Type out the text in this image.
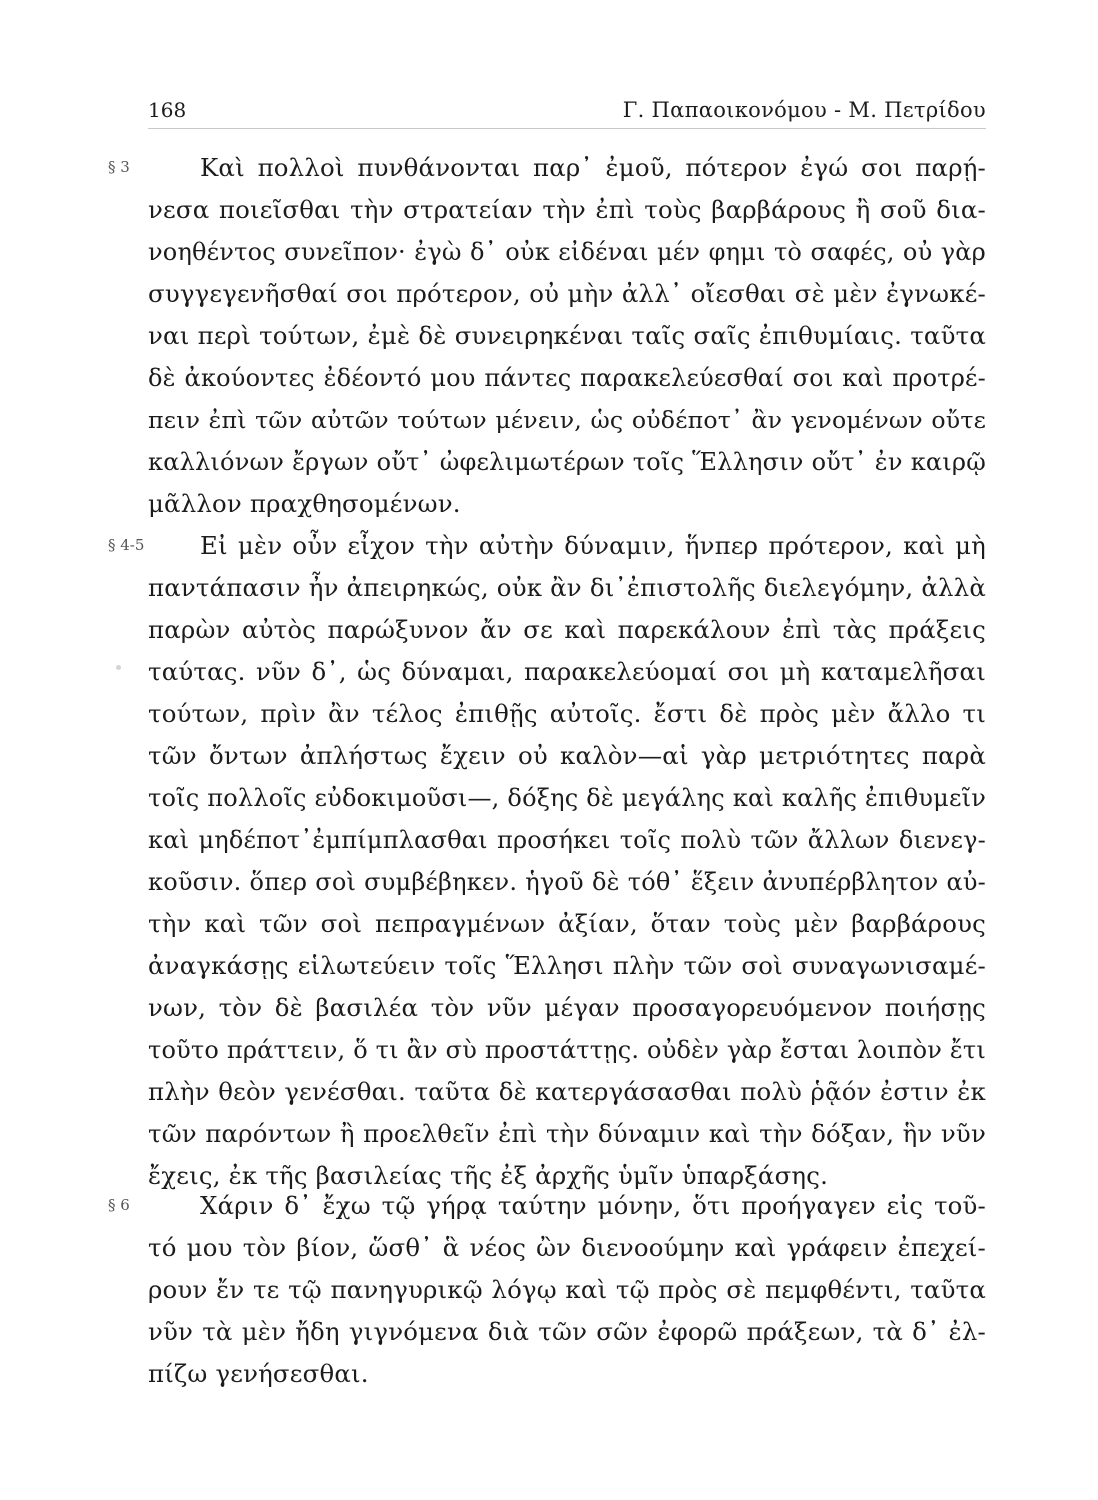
168	Γ. Παπαοικονόμου - Μ. Πετρίδου
§ 3	Καὶ πολλοὶ πυνθάνονται παρ᾽ ἐμοῦ, πότερον ἐγώ σοι παρῄ-
νεσα ποιεῖσθαι τὴν στρατείαν τὴν ἐπὶ τοὺς βαρβάρους ἢ σοῦ δια-
νοηθέντος συνεῖπον· ἐγὼ δ᾽ οὐκ εἰδέναι μέν φημι τὸ σαφές, οὐ γὰρ
συγγεγενῆσθαί σοι πρότερον, οὐ μὴν ἀλλ᾽ οἴεσθαι σὲ μὲν ἐγνωκέ-
ναι περὶ τούτων, ἐμὲ δὲ συνειρηκέναι ταῖς σαῖς ἐπιθυμίαις. ταῦτα
δὲ ἀκούοντες ἐδέοντό μου πάντες παρακελεύεσθαί σοι καὶ προτρέ-
πειν ἐπὶ τῶν αὐτῶν τούτων μένειν, ὡς οὐδέποτ᾽ ἂν γενομένων οὔτε
καλλιόνων ἔργων οὔτ᾽ ὠφελιμωτέρων τοῖς Ἕλλησιν οὔτ᾽ ἐν καιρῷ
μᾶλλον πραχθησομένων.
§ 4-5 Εἰ μὲν οὖν εἶχον τὴν αὐτὴν δύναμιν, ἥνπερ πρότερον, καὶ μὴ
παντάπασιν ἦν ἀπειρηκώς, οὐκ ἂν δι᾽ἐπιστολῆς διελεγόμην, ἀλλὰ
παρὼν αὐτὸς παρώξυνον ἄν σε καὶ παρεκάλουν ἐπὶ τὰς πράξεις
ταύτας. νῦν δ᾽, ὡς δύναμαι, παρακελεύομαί σοι μὴ καταμελῆσαι
τούτων, πρὶν ἂν τέλος ἐπιθῇς αὐτοῖς. ἔστι δὲ πρὸς μὲν ἄλλο τι
τῶν ὄντων ἀπλήστως ἔχειν οὐ καλὸν—αἱ γὰρ μετριότητες παρὰ
τοῖς πολλοῖς εὐδοκιμοῦσι—, δόξης δὲ μεγάλης καὶ καλῆς ἐπιθυμεῖν
καὶ μηδέποτ᾽ἐμπίμπλασθαι προσήκει τοῖς πολὺ τῶν ἄλλων διενεγ-
κοῦσιν. ὅπερ σοὶ συμβέβηκεν. ἡγοῦ δὲ τόθ᾽ ἕξειν ἀνυπέρβλητον αὐ-
τὴν καὶ τῶν σοὶ πεπραγμένων ἀξίαν, ὅταν τοὺς μὲν βαρβάρους
ἀναγκάσῃς εἱλωτεύειν τοῖς Ἕλλησι πλὴν τῶν σοὶ συναγωνισαμέ-
νων, τὸν δὲ βασιλέα τὸν νῦν μέγαν προσαγορευόμενον ποιήσῃς
τοῦτο πράττειν, ὅ τι ἂν σὺ προστάττῃς. οὐδὲν γὰρ ἔσται λοιπὸν ἔτι
πλὴν θεὸν γενέσθαι. ταῦτα δὲ κατεργάσασθαι πολὺ ῥᾷόν ἐστιν ἐκ
τῶν παρόντων ἢ προελθεῖν ἐπὶ τὴν δύναμιν καὶ τὴν δόξαν, ἣν νῦν
ἔχεις, ἐκ τῆς βασιλείας τῆς ἐξ ἀρχῆς ὑμῖν ὑπαρξάσης.
§ 6	Χάριν δ᾽ ἔχω τῷ γήρᾳ ταύτην μόνην, ὅτι προήγαγεν εἰς τοῦ-
τό μου τὸν βίον, ὥσθ᾽ ἃ νέος ὢν διενοούμην καὶ γράφειν ἐπεχεί-
ρουν ἔν τε τῷ πανηγυρικῷ λόγῳ καὶ τῷ πρὸς σὲ πεμφθέντι, ταῦτα
νῦν τὰ μὲν ἤδη γιγνόμενα διὰ τῶν σῶν ἐφορῶ πράξεων, τὰ δ᾽ ἐλ-
πίζω γενήσεσθαι.
